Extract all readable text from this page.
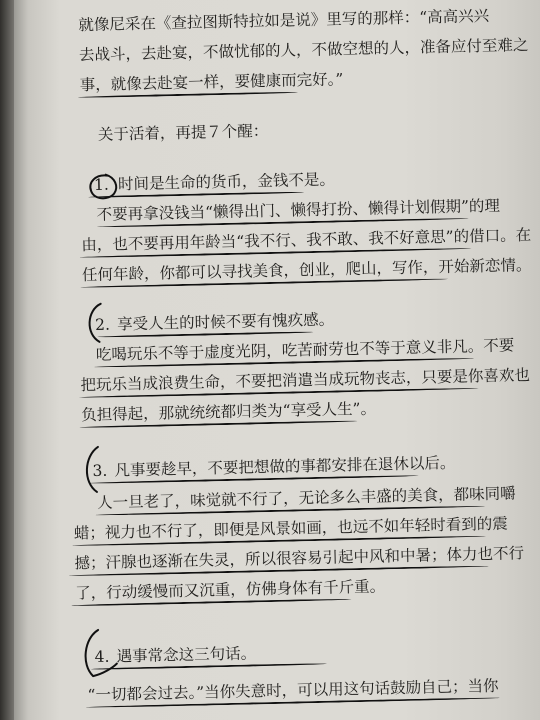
就像尼采在《查拉图斯特拉如是说》里写的那样：“高高兴兴
去战斗，去赴宴，不做忧郁的人，不做空想的人，准备应付至难之
事，就像去赴宴一样，要健康而完好。”
关于活着，再提７个醒：
1. 时间是生命的货币，金钱不是。
不要再拿没钱当“懒得出门、懒得打扮、懒得计划假期”的理
由，也不要再用年龄当“我不行、我不敢、我不好意思”的借口。在
任何年龄，你都可以寻找美食，创业，爬山，写作，开始新恋情。
2. 享受人生的时候不要有愧疚感。
吃喝玩乐不等于虚度光阴，吃苦耐劳也不等于意义非凡。不要
把玩乐当成浪费生命，不要把消遣当成玩物丧志，只要是你喜欢也
负担得起，那就统统都归类为“享受人生”。
3. 凡事要趁早，不要把想做的事都安排在退休以后。
人一旦老了，味觉就不行了，无论多么丰盛的美食，都味同嚼
蜡；视力也不行了，即便是风景如画，也远不如年轻时看到的震
撼；汗腺也逐渐在失灵，所以很容易引起中风和中暑；体力也不行
了，行动缓慢而又沉重，仿佛身体有千斤重。
4. 遇事常念这三句话。
“一切都会过去。”当你失意时，可以用这句话鼓励自己；当你
